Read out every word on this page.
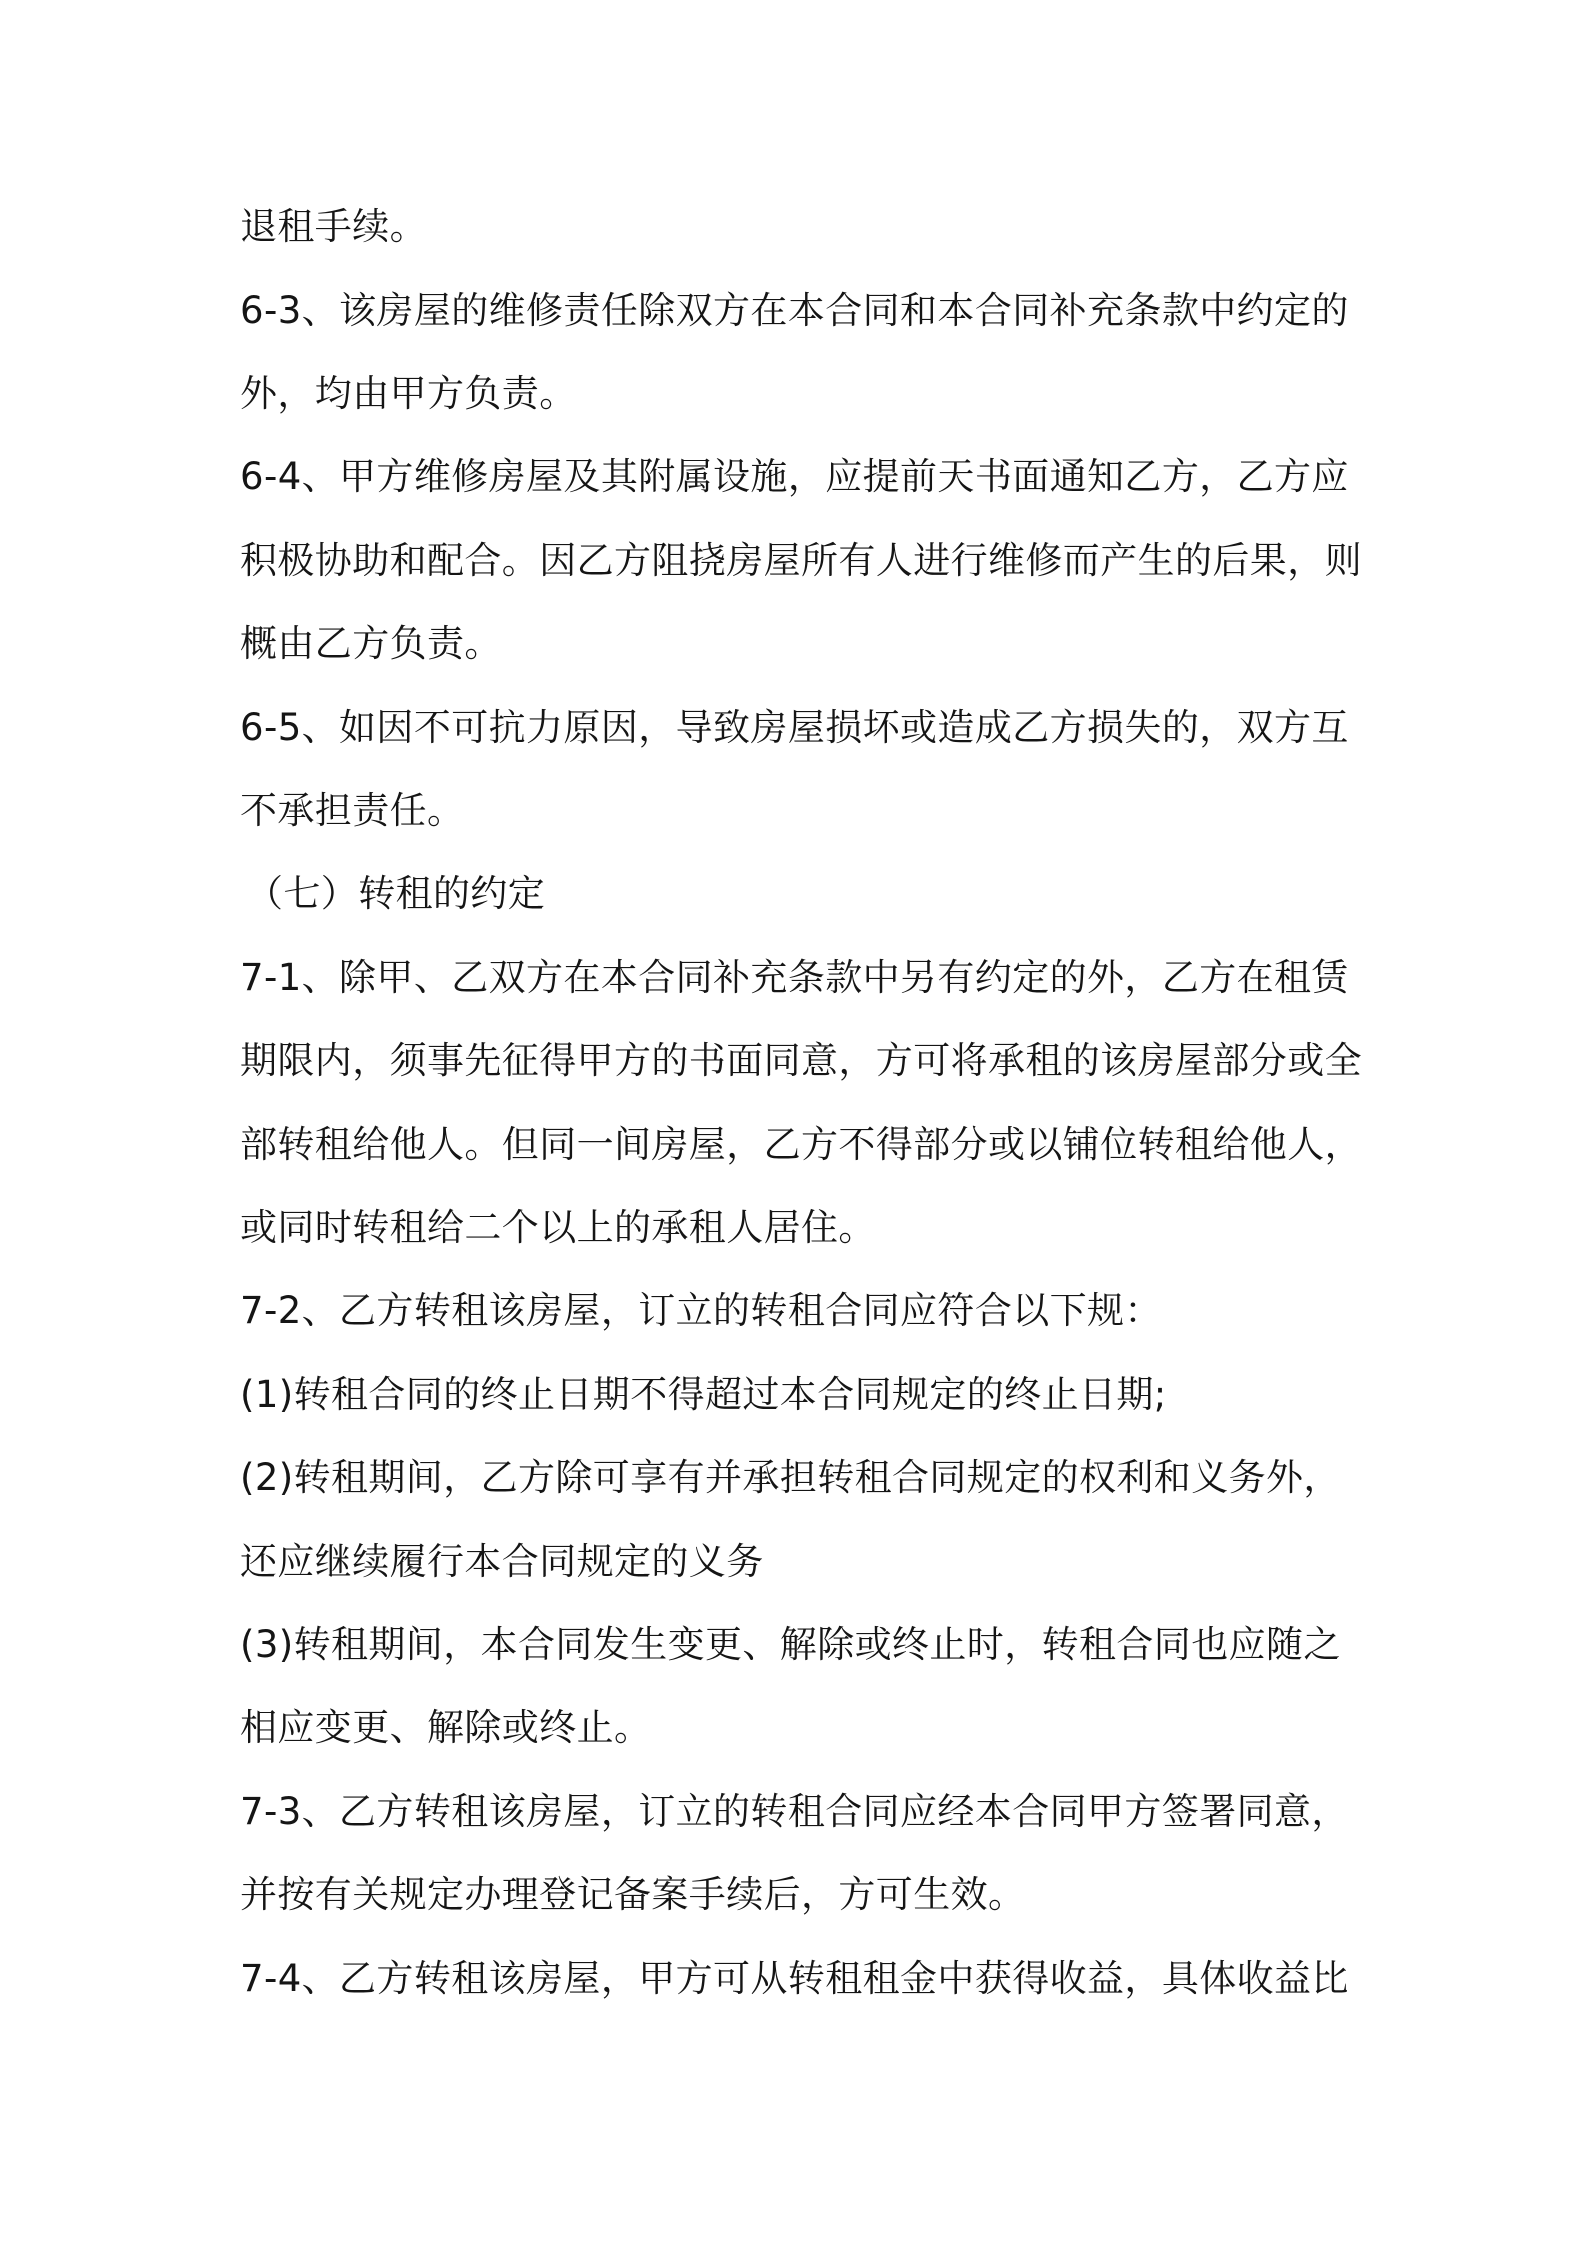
退租手续。

6-3、该房屋的维修责任除双方在本合同和本合同补充条款中约定的

外，均由甲方负责。

6-4、甲方维修房屋及其附属设施，应提前天书面通知乙方，乙方应

积极协助和配合。因乙方阻挠房屋所有人进行维修而产生的后果，则

概由乙方负责。

6-5、如因不可抗力原因，导致房屋损坏或造成乙方损失的，双方互

不承担责任。

（七）转租的约定

7-1、除甲、乙双方在本合同补充条款中另有约定的外，乙方在租赁

期限内，须事先征得甲方的书面同意，方可将承租的该房屋部分或全

部转租给他人。但同一间房屋，乙方不得部分或以铺位转租给他人，

或同时转租给二个以上的承租人居住。

7-2、乙方转租该房屋，订立的转租合同应符合以下规：

(1)转租合同的终止日期不得超过本合同规定的终止日期;

(2)转租期间，乙方除可享有并承担转租合同规定的权利和义务外，

还应继续履行本合同规定的义务

(3)转租期间，本合同发生变更、解除或终止时，转租合同也应随之

相应变更、解除或终止。

7-3、乙方转租该房屋，订立的转租合同应经本合同甲方签署同意，

并按有关规定办理登记备案手续后，方可生效。

7-4、乙方转租该房屋，甲方可从转租租金中获得收益，具体收益比
